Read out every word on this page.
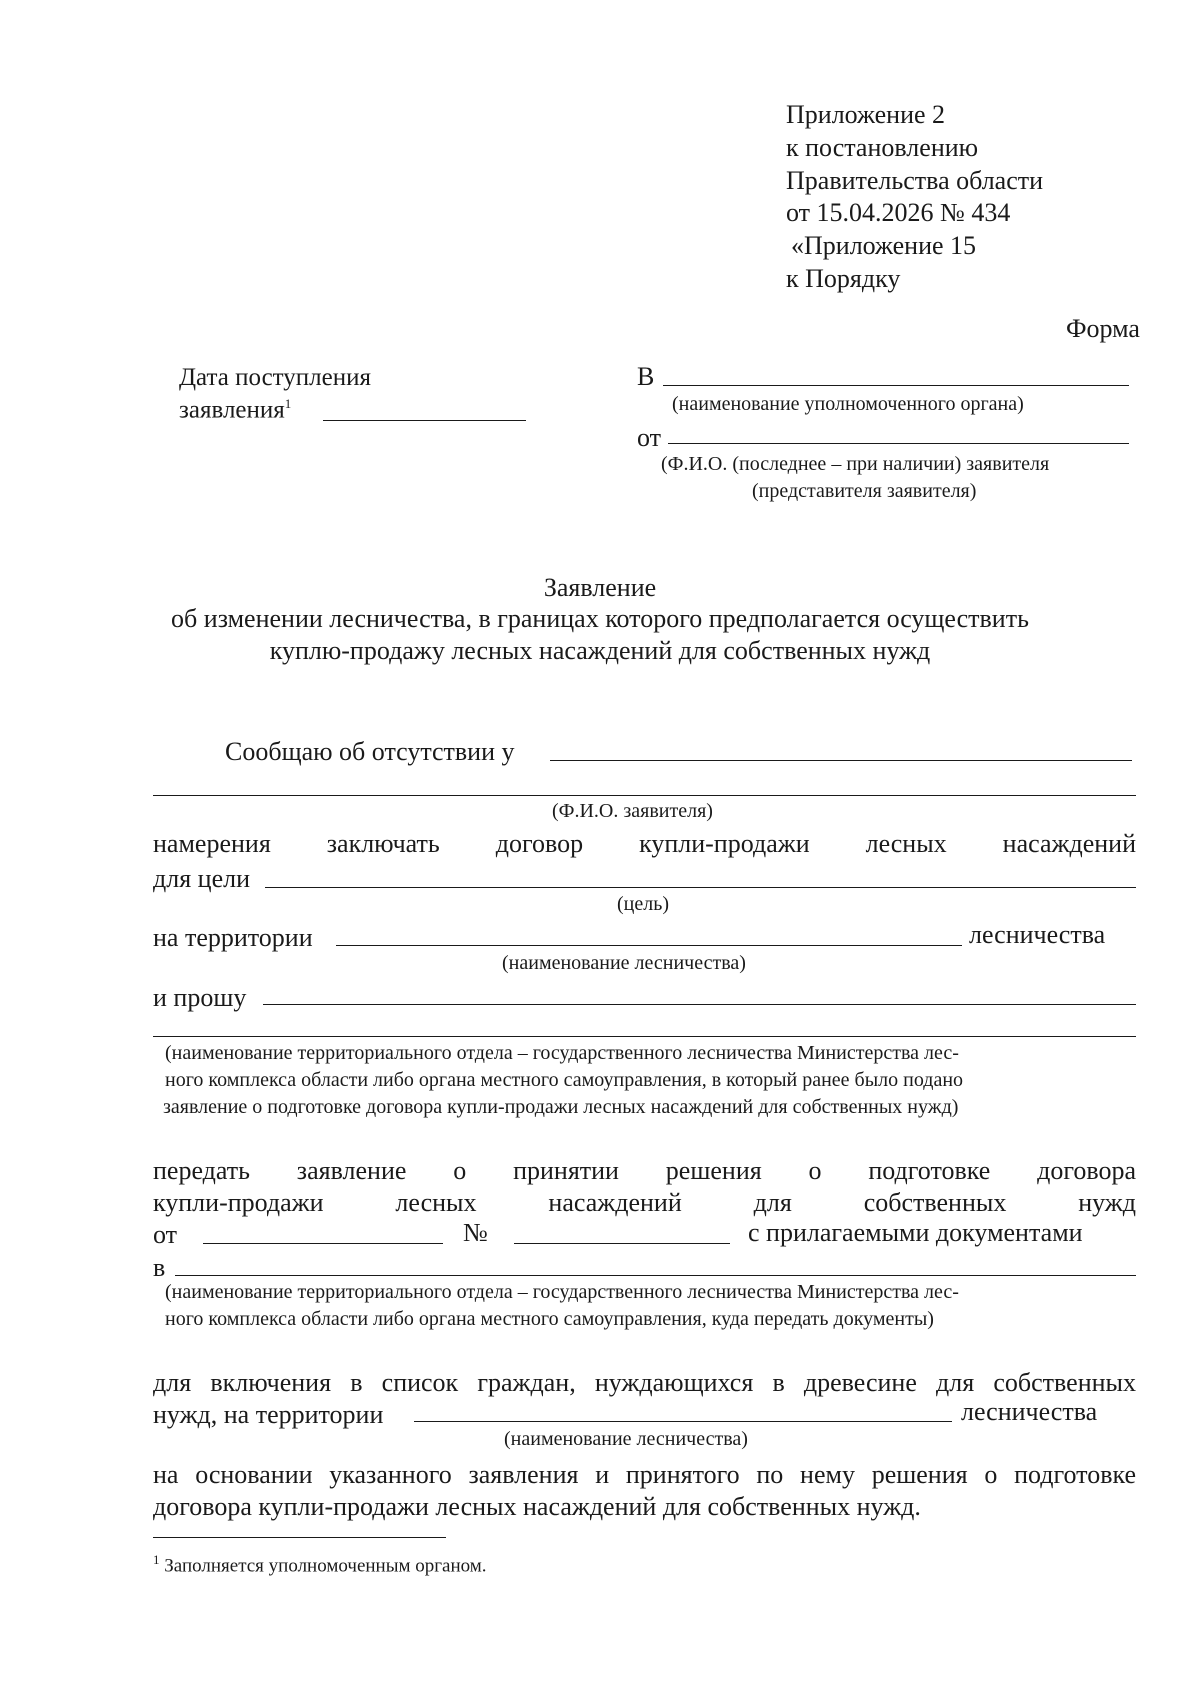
Приложение 2
к постановлению
Правительства области
от 15.04.2026 № 434
«Приложение 15
к Порядку
Форма
Дата поступления
заявления$^1$
В
(наименование уполномоченного органа)
от
(Ф.И.О. (последнее – при наличии) заявителя
(представителя заявителя)
Заявление
об изменении лесничества, в границах которого предполагается осуществить
куплю-продажу лесных насаждений для собственных нужд
Сообщаю об отсутствии у
(Ф.И.О. заявителя)
намерения заключать договор купли-продажи лесных насаждений
для цели
(цель)
на территории	лесничества
(наименование лесничества)
и прошу
(наименование территориального отдела – государственного лесничества Министерства лес-
ного комплекса области либо органа местного самоуправления, в который ранее было подано
заявление о подготовке договора купли-продажи лесных насаждений для собственных нужд)
передать заявление о принятии решения о подготовке договора
купли-продажи лесных насаждений для собственных нужд
от	№	с прилагаемыми документами
в
(наименование территориального отдела – государственного лесничества Министерства лес-
ного комплекса области либо органа местного самоуправления, куда передать документы)
для включения в список граждан, нуждающихся в древесине для собственных
нужд, на территории	лесничества
(наименование лесничества)
на основании указанного заявления и принятого по нему решения о подготовке
договора купли-продажи лесных насаждений для собственных нужд.
$^1$ Заполняется уполномоченным органом.
